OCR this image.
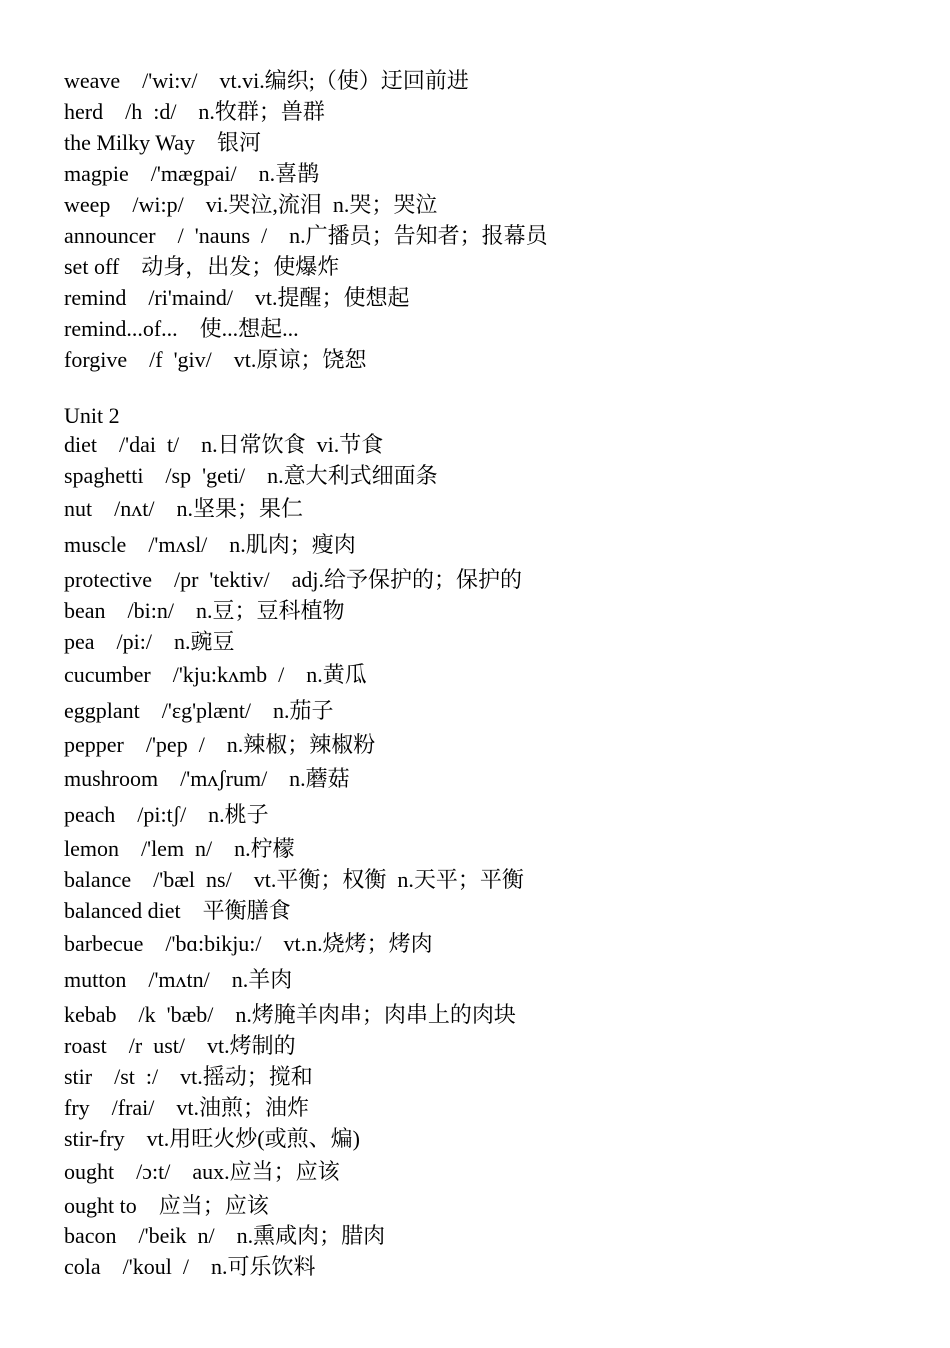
weave    /'wi:v/    vt.vi.编织;（使）迂回前进
herd    /h  :d/    n.牧群；兽群
the Milky Way    银河
magpie    /'mægpai/    n.喜鹊
weep    /wi:p/    vi.哭泣,流泪  n.哭；哭泣
announcer    /  'nauns  /    n.广播员；告知者；报幕员
set off    动身，出发；使爆炸
remind    /ri'maind/    vt.提醒；使想起
remind...of...    使...想起...
forgive    /f  'giv/    vt.原谅；饶恕
Unit 2
diet    /'dai  t/    n.日常饮食  vi.节食
spaghetti    /sp  'geti/    n.意大利式细面条
nut    /nʌt/    n.坚果；果仁
muscle    /'mʌsl/    n.肌肉；瘦肉
protective    /pr  'tektiv/    adj.给予保护的；保护的
bean    /bi:n/    n.豆；豆科植物
pea    /pi:/    n.豌豆
cucumber    /'kju:kʌmb  /    n.黄瓜
eggplant    /'ɛg'plænt/    n.茄子
pepper    /'pep  /    n.辣椒；辣椒粉
mushroom    /'mʌʃrum/    n.蘑菇
peach    /pi:tʃ/    n.桃子
lemon    /'lem  n/    n.柠檬
balance    /'bæl  ns/    vt.平衡；权衡  n.天平；平衡
balanced diet    平衡膳食
barbecue    /'bɑ:bikju:/    vt.n.烧烤；烤肉
mutton    /'mʌtn/    n.羊肉
kebab    /k  'bæb/    n.烤腌羊肉串；肉串上的肉块
roast    /r  ust/    vt.烤制的
stir    /st  :/    vt.摇动；搅和
fry    /frai/    vt.油煎；油炸
stir-fry    vt.用旺火炒(或煎、煸)
ought    /ɔ:t/    aux.应当；应该
ought to    应当；应该
bacon    /'beik  n/    n.熏咸肉；腊肉
cola    /'koul  /    n.可乐饮料
